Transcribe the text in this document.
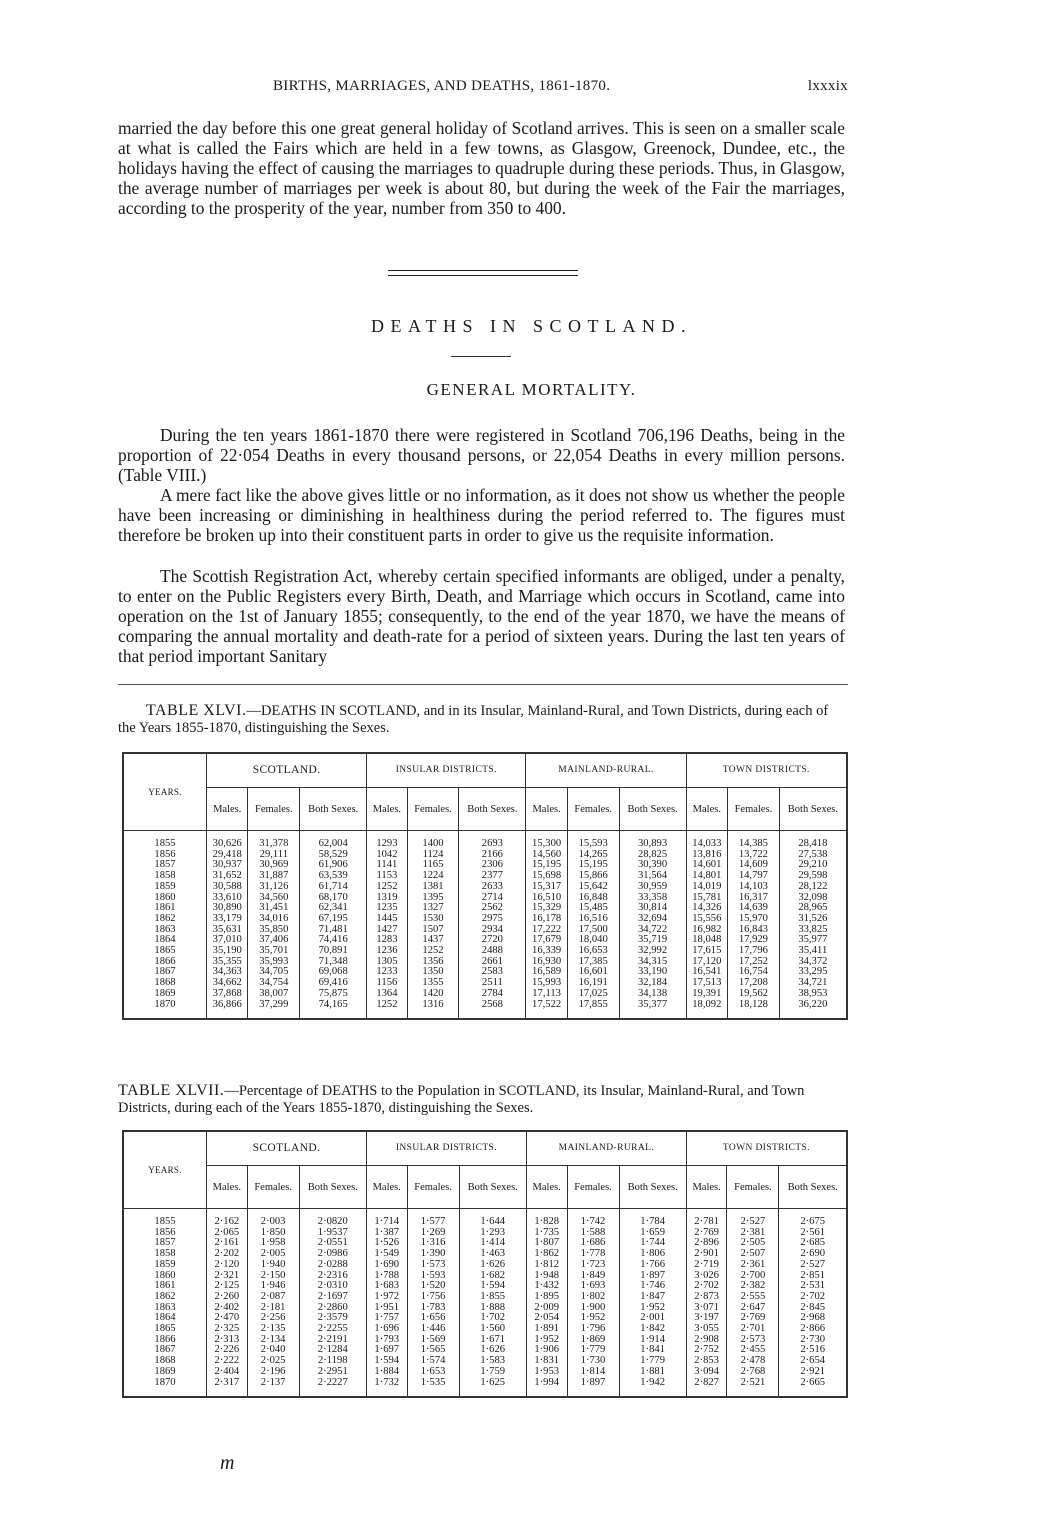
BIRTHS, MARRIAGES, AND DEATHS, 1861-1870.	lxxxix

married the day before this one great general holiday of Scotland arrives. This is seen on a smaller scale at what is called the Fairs which are held in a few towns, as Glasgow, Greenock, Dundee, etc., the holidays having the effect of causing the marriages to quadruple during these periods. Thus, in Glasgow, the average number of marriages per week is about 80, but during the week of the Fair the marriages, according to the prosperity of the year, number from 350 to 400.

DEATHS IN SCOTLAND.
GENERAL MORTALITY.

During the ten years 1861-1870 there were registered in Scotland 706,196 Deaths, being in the proportion of 22·054 Deaths in every thousand persons, or 22,054 Deaths in every million persons. (Table VIII.)

A mere fact like the above gives little or no information, as it does not show us whether the people have been increasing or diminishing in healthiness during the period referred to. The figures must therefore be broken up into their constituent parts in order to give us the requisite information.

The Scottish Registration Act, whereby certain specified informants are obliged, under a penalty, to enter on the Public Registers every Birth, Death, and Marriage which occurs in Scotland, came into operation on the 1st of January 1855; consequently, to the end of the year 1870, we have the means of comparing the annual mortality and death-rate for a period of sixteen years. During the last ten years of that period important Sanitary

TABLE XLVI.—DEATHS IN SCOTLAND, and in its Insular, Mainland-Rural, and Town Districts, during each of the Years 1855-1870, distinguishing the Sexes.

YEARS.	SCOTLAND.			INSULAR DISTRICTS.			MAINLAND-RURAL.			TOWN DISTRICTS.		
	Males.	Females.	Both Sexes.	Males.	Females.	Both Sexes.	Males.	Females.	Both Sexes.	Males.	Females.	Both Sexes.
1855	30,626	31,378	62,004	1293	1400	2693	15,300	15,593	30,893	14,033	14,385	28,418
1856	29,418	29,111	58,529	1042	1124	2166	14,560	14,265	28,825	13,816	13,722	27,538
1857	30,937	30,969	61,906	1141	1165	2306	15,195	15,195	30,390	14,601	14,609	29,210
1858	31,652	31,887	63,539	1153	1224	2377	15,698	15,866	31,564	14,801	14,797	29,598
1859	30,588	31,126	61,714	1252	1381	2633	15,317	15,642	30,959	14,019	14,103	28,122
1860	33,610	34,560	68,170	1319	1395	2714	16,510	16,848	33,358	15,781	16,317	32,098
1861	30,890	31,451	62,341	1235	1327	2562	15,329	15,485	30,814	14,326	14,639	28,965
1862	33,179	34,016	67,195	1445	1530	2975	16,178	16,516	32,694	15,556	15,970	31,526
1863	35,631	35,850	71,481	1427	1507	2934	17,222	17,500	34,722	16,982	16,843	33,825
1864	37,010	37,406	74,416	1283	1437	2720	17,679	18,040	35,719	18,048	17,929	35,977
1865	35,190	35,701	70,891	1236	1252	2488	16,339	16,653	32,992	17,615	17,796	35,411
1866	35,355	35,993	71,348	1305	1356	2661	16,930	17,385	34,315	17,120	17,252	34,372
1867	34,363	34,705	69,068	1233	1350	2583	16,589	16,601	33,190	16,541	16,754	33,295
1868	34,662	34,754	69,416	1156	1355	2511	15,993	16,191	32,184	17,513	17,208	34,721
1869	37,868	38,007	75,875	1364	1420	2784	17,113	17,025	34,138	19,391	19,562	38,953
1870	36,866	37,299	74,165	1252	1316	2568	17,522	17,855	35,377	18,092	18,128	36,220

TABLE XLVII.—Percentage of DEATHS to the Population in SCOTLAND, its Insular, Mainland-Rural, and Town Districts, during each of the Years 1855-1870, distinguishing the Sexes.

YEARS.	SCOTLAND.			INSULAR DISTRICTS.			MAINLAND-RURAL.			TOWN DISTRICTS.		
	Males.	Females.	Both Sexes.	Males.	Females.	Both Sexes.	Males.	Females.	Both Sexes.	Males.	Females.	Both Sexes.
1855	2·162	2·003	2·0820	1·714	1·577	1·644	1·828	1·742	1·784	2·781	2·527	2·675
1856	2·065	1·850	1·9537	1·387	1·269	1·293	1·735	1·588	1·659	2·769	2·381	2·561
1857	2·161	1·958	2·0551	1·526	1·316	1·414	1·807	1·686	1·744	2·896	2·505	2·685
1858	2·202	2·005	2·0986	1·549	1·390	1·463	1·862	1·778	1·806	2·901	2·507	2·690
1859	2·120	1·940	2·0288	1·690	1·573	1·626	1·812	1·723	1·766	2·719	2·361	2·527
1860	2·321	2·150	2·2316	1·788	1·593	1·682	1·948	1·849	1·897	3·026	2·700	2·851
1861	2·125	1·946	2·0310	1·683	1·520	1·594	1·432	1·693	1·746	2·702	2·382	2·531
1862	2·260	2·087	2·1697	1·972	1·756	1·855	1·895	1·802	1·847	2·873	2·555	2·702
1863	2·402	2·181	2·2860	1·951	1·783	1·888	2·009	1·900	1·952	3·071	2·647	2·845
1864	2·470	2·256	2·3579	1·757	1·656	1·702	2·054	1·952	2·001	3·197	2·769	2·968
1865	2·325	2·135	2·2255	1·696	1·446	1·560	1·891	1·796	1·842	3·055	2·701	2·866
1866	2·313	2·134	2·2191	1·793	1·569	1·671	1·952	1·869	1·914	2·908	2·573	2·730
1867	2·226	2·040	2·1284	1·697	1·565	1·626	1·906	1·779	1·841	2·752	2·455	2·516
1868	2·222	2·025	2·1198	1·594	1·574	1·583	1·831	1·730	1·779	2·853	2·478	2·654
1869	2·404	2·196	2·2951	1·884	1·653	1·759	1·953	1·814	1·881	3·094	2·768	2·921
1870	2·317	2·137	2·2227	1·732	1·535	1·625	1·994	1·897	1·942	2·827	2·521	2·665
m
